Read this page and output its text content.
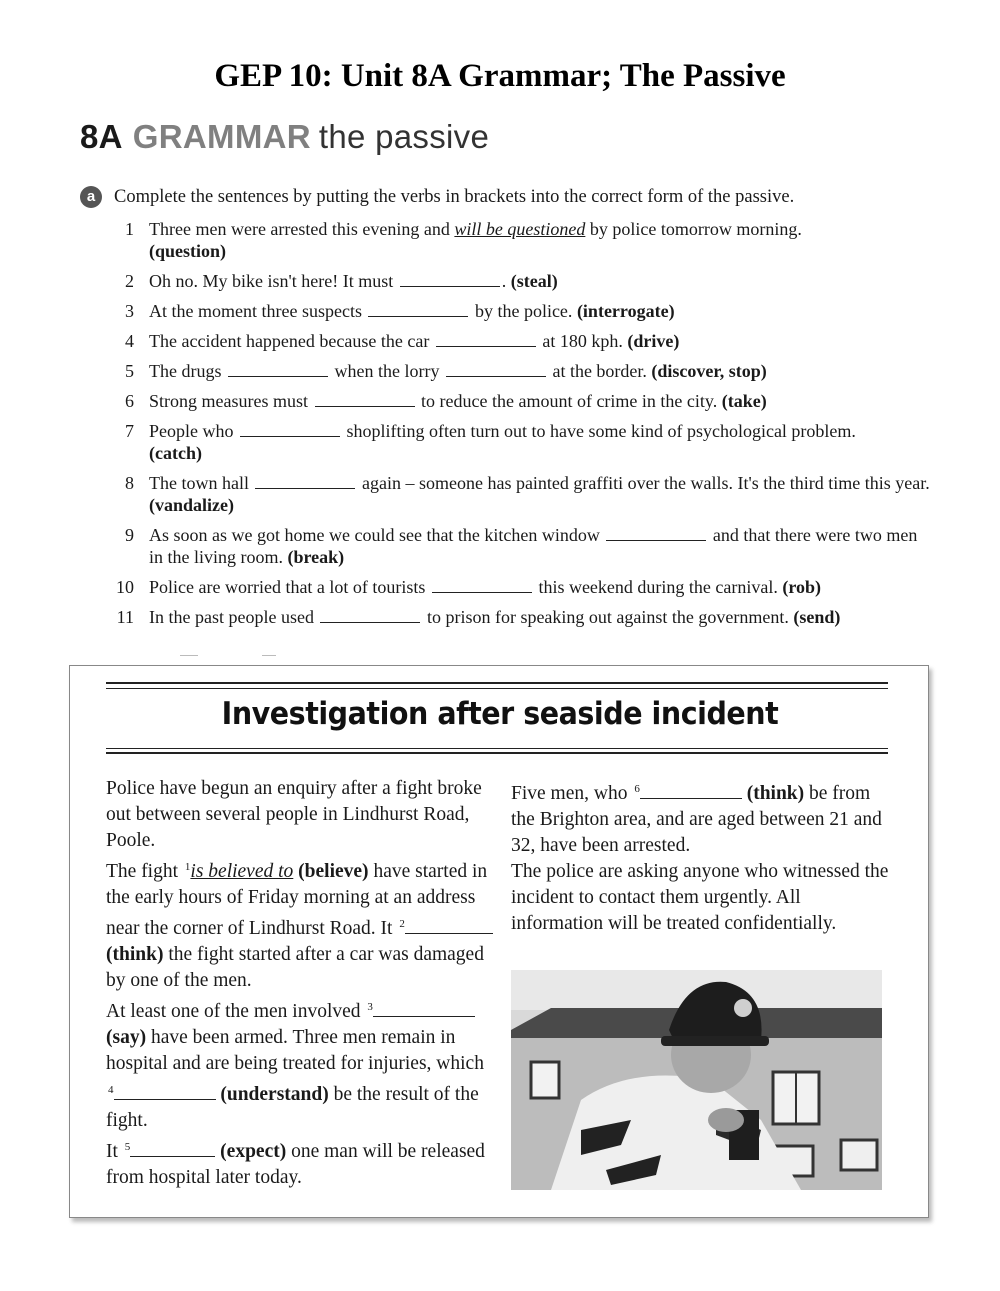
GEP 10: Unit 8A Grammar; The Passive
8A GRAMMAR the passive
a Complete the sentences by putting the verbs in brackets into the correct form of the passive.
1 Three men were arrested this evening and will be questioned by police tomorrow morning.
(question)
2 Oh no. My bike isn't here! It must	. (steal)
3 At the moment three suspects	by the police. (interrogate)
4 The accident happened because the car	at 180 kph. (drive)
5 The drugs	when the lorry	at the border. (discover, stop)
6 Strong measures must	to reduce the amount of crime in the city. (take)
7 People who	shoplifting often turn out to have some kind of psychological problem.
(catch)
8 The town hall	again – someone has painted graffiti over the walls. It's the third time this year. (vandalize)
9 As soon as we got home we could see that the kitchen window	and that there were two men in the living room. (break)
10 Police are worried that a lot of tourists	this weekend during the carnival. (rob)
11 In the past people used	to prison for speaking out against the government. (send)
Investigation after seaside incident

Police have begun an enquiry after a fight broke out between several people in Lindhurst Road, Poole.

The fight $^1$is believed to (believe) have started in the early hours of Friday morning at an address near the corner of Lindhurst Road. It $^2$ (think) the fight started after a car was damaged by one of the men.

At least one of the men involved $^3$ (say) have been armed. Three men remain in hospital and are being treated for injuries, which $^4$	(understand) be the result of the fight.

It $^5$	(expect) one man will be released from hospital later today.

Five men, who $^6$	(think) be from the Brighton area, and are aged between 21 and 32, have been arrested.

The police are asking anyone who witnessed the incident to contact them urgently. All information will be treated confidentially.
